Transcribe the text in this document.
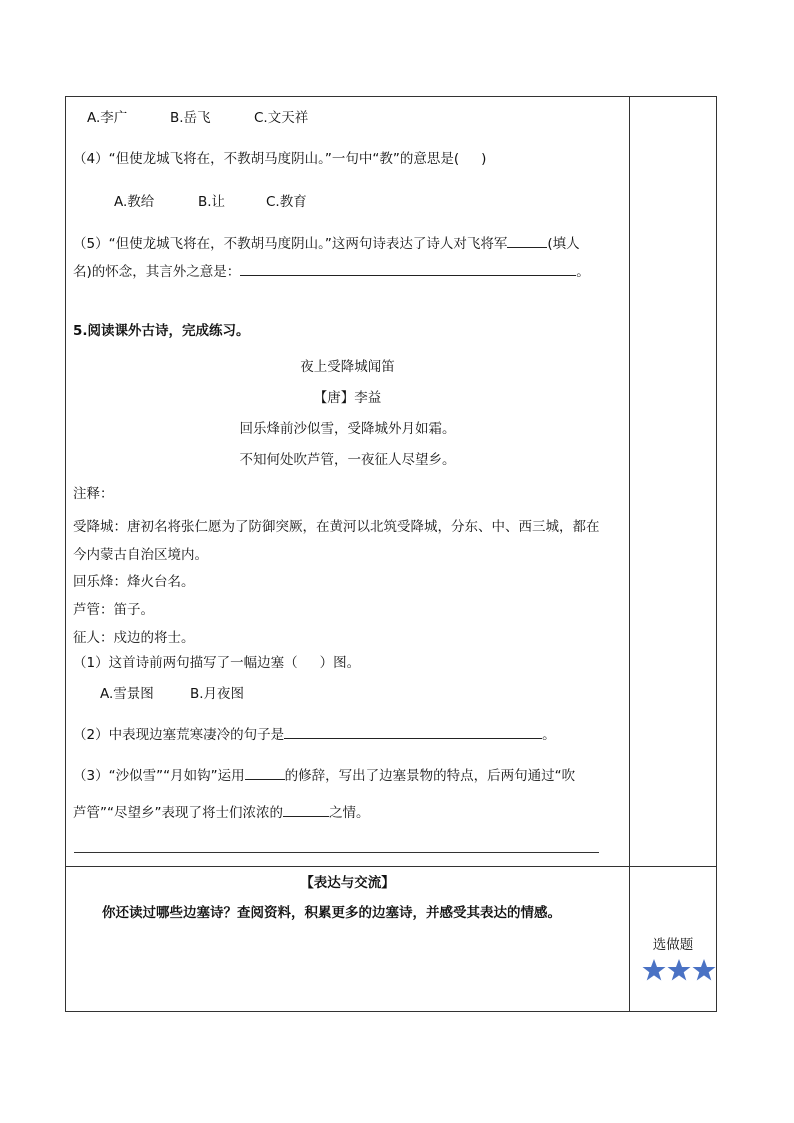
A.李广	B.岳飞	C.文天祥
（4）“但使龙城飞将在，不教胡马度阴山。”一句中“教”的意思是( )
A.教给	B.让	C.教育
（5）“但使龙城飞将在，不教胡马度阴山。”这两句诗表达了诗人对飞将军	(填人
名)的怀念，其言外之意是：	。
5.阅读课外古诗，完成练习。
夜上受降城闻笛
【唐】李益
回乐烽前沙似雪，受降城外月如霜。
不知何处吹芦管，一夜征人尽望乡。
注释：
受降城：唐初名将张仁愿为了防御突厥，在黄河以北筑受降城，分东、中、西三城，都在
今内蒙古自治区境内。
回乐烽：烽火台名。
芦管：笛子。
征人：戍边的将士。
（1）这首诗前两句描写了一幅边塞（ ）图。
A.雪景图	B.月夜图
（2）中表现边塞荒寒凄冷的句子是	。
（3）“沙似雪”“月如钩”运用	的修辞，写出了边塞景物的特点，后两句通过“吹
芦管”“尽望乡”表现了将士们浓浓的	之情。
【表达与交流】
你还读过哪些边塞诗？查阅资料，积累更多的边塞诗，并感受其表达的情感。
选做题
